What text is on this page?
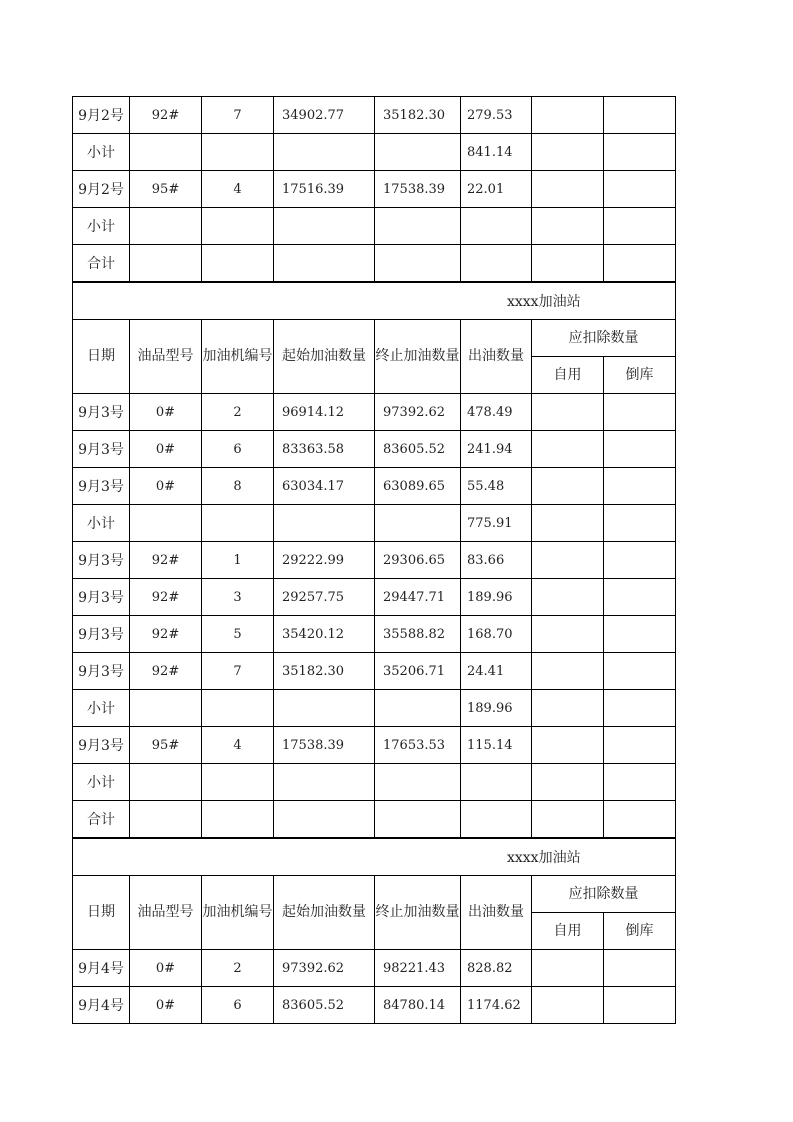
9月2号	92#	7	34902.77	35182.30	279.53		
小计					841.14		
9月2号	95#	4	17516.39	17538.39	22.01		
小计							
合计							
xxxx加油站							
日期	油品型号	加油机编号	起始加油数量	终止加油数量	出油数量	应扣除数量	
						自用	倒库
9月3号	0#	2	96914.12	97392.62	478.49		
9月3号	0#	6	83363.58	83605.52	241.94		
9月3号	0#	8	63034.17	63089.65	55.48		
小计					775.91		
9月3号	92#	1	29222.99	29306.65	83.66		
9月3号	92#	3	29257.75	29447.71	189.96		
9月3号	92#	5	35420.12	35588.82	168.70		
9月3号	92#	7	35182.30	35206.71	24.41		
小计					189.96		
9月3号	95#	4	17538.39	17653.53	115.14		
小计							
合计							
xxxx加油站							
日期	油品型号	加油机编号	起始加油数量	终止加油数量	出油数量	应扣除数量	
						自用	倒库
9月4号	0#	2	97392.62	98221.43	828.82		
9月4号	0#	6	83605.52	84780.14	1174.62		
